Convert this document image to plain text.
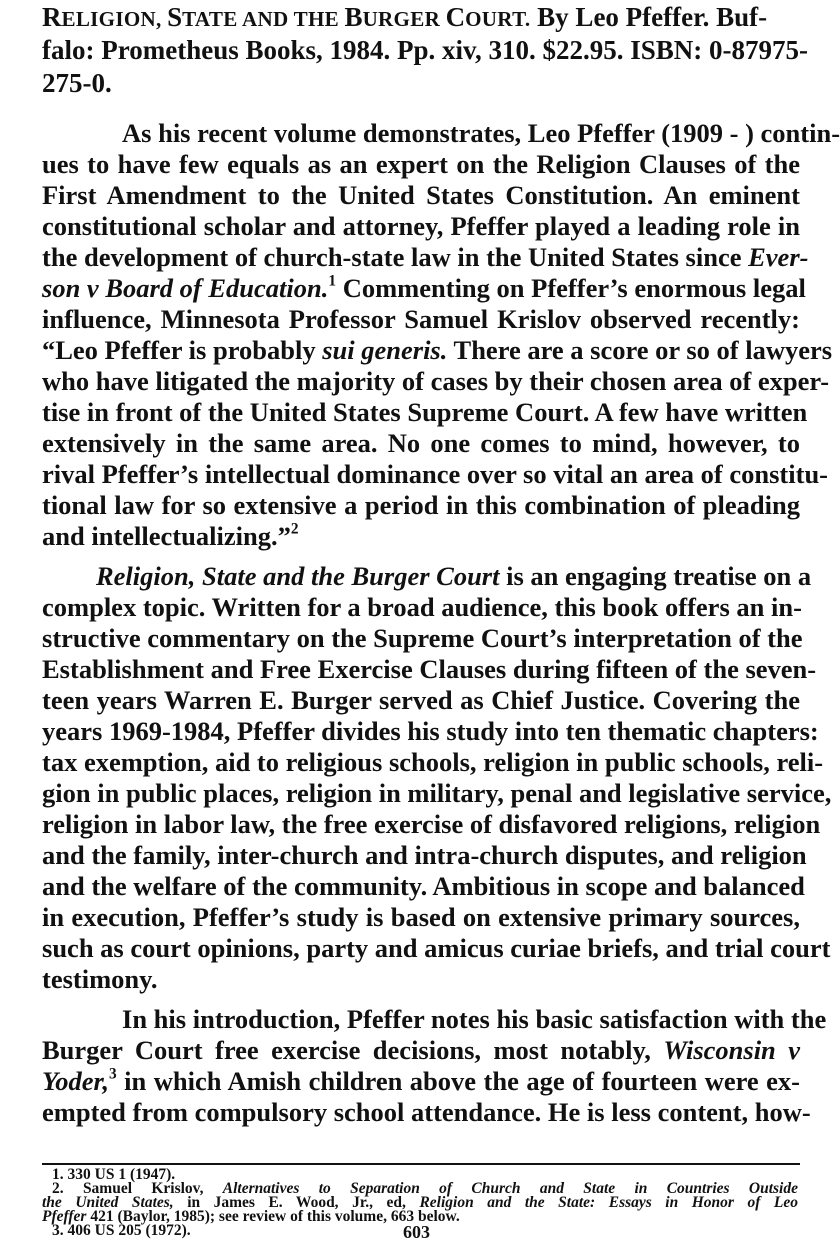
RELIGION, STATE AND THE BURGER COURT. By Leo Pfeffer. Buf-
falo: Prometheus Books, 1984. Pp. xiv, 310. $22.95. ISBN: 0-87975-
275-0.
As his recent volume demonstrates, Leo Pfeffer (1909 - ) contin-
ues to have few equals as an expert on the Religion Clauses of the
First Amendment to the United States Constitution. An eminent
constitutional scholar and attorney, Pfeffer played a leading role in
the development of church-state law in the United States since Ever-
son v Board of Education.$^1$ Commenting on Pfeffer’s enormous legal
influence, Minnesota Professor Samuel Krislov observed recently:
“Leo Pfeffer is probably sui generis. There are a score or so of lawyers
who have litigated the majority of cases by their chosen area of exper-
tise in front of the United States Supreme Court. A few have written
extensively in the same area. No one comes to mind, however, to
rival Pfeffer’s intellectual dominance over so vital an area of constitu-
tional law for so extensive a period in this combination of pleading
and intellectualizing.”$^2$
Religion, State and the Burger Court is an engaging treatise on a
complex topic. Written for a broad audience, this book offers an in-
structive commentary on the Supreme Court’s interpretation of the
Establishment and Free Exercise Clauses during fifteen of the seven-
teen years Warren E. Burger served as Chief Justice. Covering the
years 1969-1984, Pfeffer divides his study into ten thematic chapters:
tax exemption, aid to religious schools, religion in public schools, reli-
gion in public places, religion in military, penal and legislative service,
religion in labor law, the free exercise of disfavored religions, religion
and the family, inter-church and intra-church disputes, and religion
and the welfare of the community. Ambitious in scope and balanced
in execution, Pfeffer’s study is based on extensive primary sources,
such as court opinions, party and amicus curiae briefs, and trial court
testimony.
In his introduction, Pfeffer notes his basic satisfaction with the
Burger Court free exercise decisions, most notably, Wisconsin v
Yoder,$^3$ in which Amish children above the age of fourteen were ex-
empted from compulsory school attendance. He is less content, how-
1. 330 US 1 (1947).
2. Samuel Krislov, Alternatives to Separation of Church and State in Countries Outside
the United States, in James E. Wood, Jr., ed, Religion and the State: Essays in Honor of Leo
Pfeffer 421 (Baylor, 1985); see review of this volume, 663 below.
3. 406 US 205 (1972).	603
